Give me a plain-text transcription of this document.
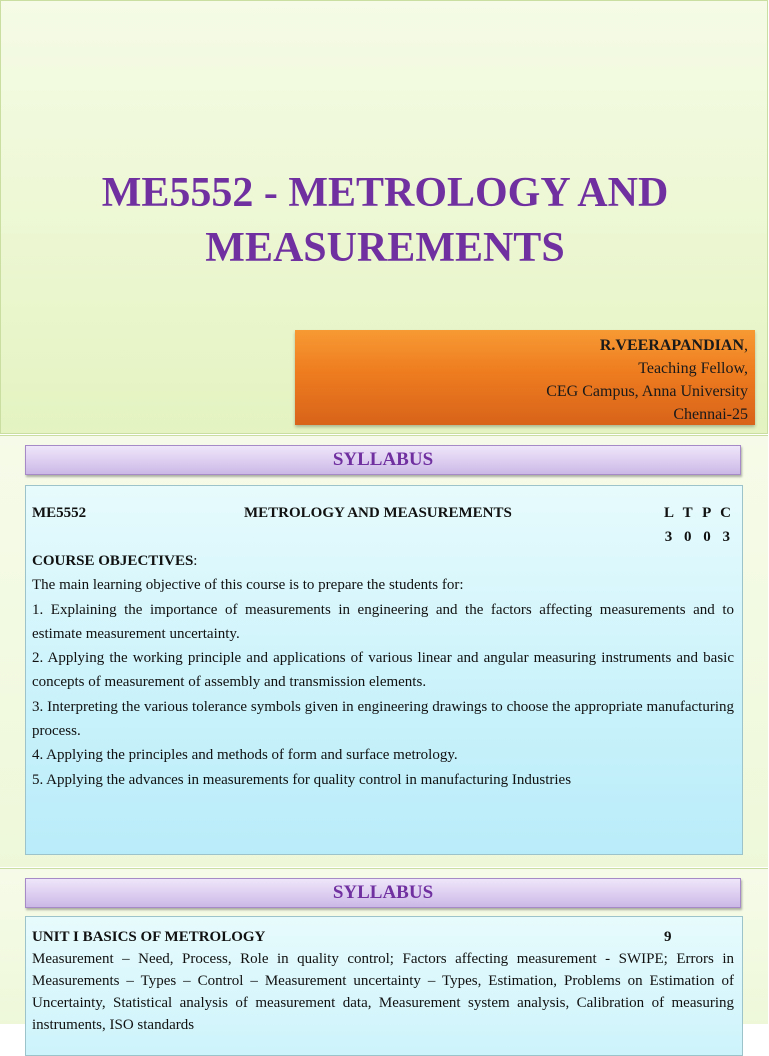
ME5552 - METROLOGY AND
MEASUREMENTS
R.VEERAPANDIAN,
Teaching Fellow,
CEG Campus, Anna University
Chennai-25
SYLLABUS
ME5552	METROLOGY AND MEASUREMENTS	L T P C
3 0 0 3
COURSE OBJECTIVES:
The main learning objective of this course is to prepare the students for:
1. Explaining the importance of measurements in engineering and the factors affecting measurements and to estimate measurement uncertainty.
2. Applying the working principle and applications of various linear and angular measuring instruments and basic concepts of measurement of assembly and transmission elements.
3. Interpreting the various tolerance symbols given in engineering drawings to choose the appropriate manufacturing process.
4. Applying the principles and methods of form and surface metrology.
5. Applying the advances in measurements for quality control in manufacturing Industries
SYLLABUS
UNIT I BASICS OF METROLOGY	9
Measurement – Need, Process, Role in quality control; Factors affecting measurement - SWIPE; Errors in Measurements – Types – Control – Measurement uncertainty – Types, Estimation, Problems on Estimation of Uncertainty, Statistical analysis of measurement data, Measurement system analysis, Calibration of measuring instruments, ISO standards
